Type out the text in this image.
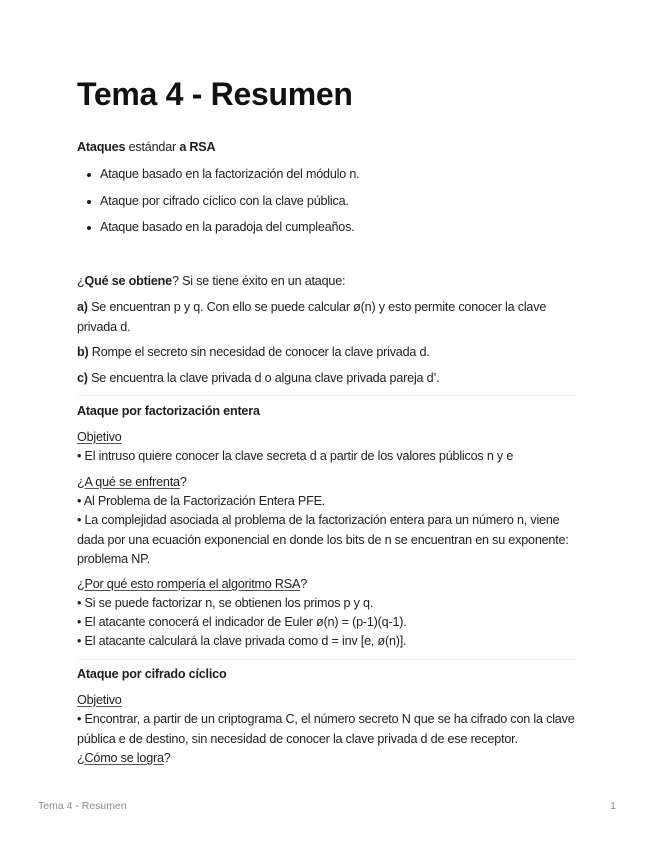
Tema 4 - Resumen
Ataques estándar a RSA
Ataque basado en la factorización del módulo n.
Ataque por cifrado cíclico con la clave pública.
Ataque basado en la paradoja del cumpleaños.
¿Qué se obtiene? Si se tiene éxito en un ataque:
a) Se encuentran p y q. Con ello se puede calcular ø(n) y esto permite conocer la clave privada d.
b) Rompe el secreto sin necesidad de conocer la clave privada d.
c) Se encuentra la clave privada d o alguna clave privada pareja d’.
Ataque por factorización entera
Objetivo
• El intruso quiere conocer la clave secreta d a partir de los valores públicos n y e
¿A qué se enfrenta?
• Al Problema de la Factorización Entera PFE.
• La complejidad asociada al problema de la factorización entera para un número n, viene dada por una ecuación exponencial en donde los bits de n se encuentran en su exponente: problema NP.
¿Por qué esto rompería el algoritmo RSA?
• Si se puede factorizar n, se obtienen los primos p y q.
• El atacante conocerá el indicador de Euler ø(n) = (p-1)(q-1).
• El atacante calculará la clave privada como d = inv [e, ø(n)].
Ataque por cifrado cíclico
Objetivo
• Encontrar, a partir de un criptograma C, el número secreto N que se ha cifrado con la clave pública e de destino, sin necesidad de conocer la clave privada d de ese receptor.
¿Cómo se logra?
Tema 4 - Resumen	1
